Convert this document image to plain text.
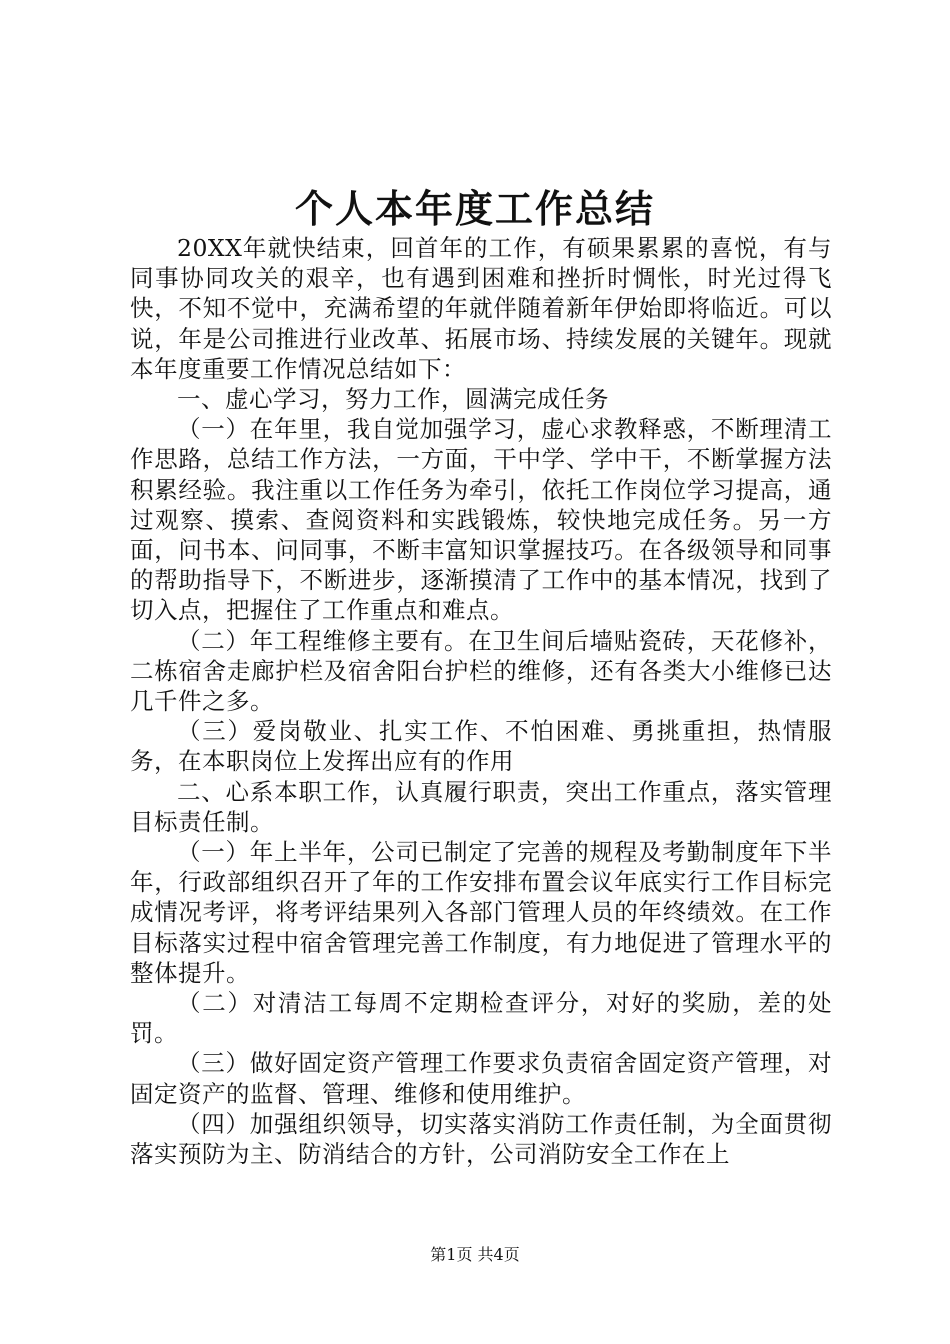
个人本年度工作总结

20XX年就快结束，回首年的工作，有硕果累累的喜悦，有与同事协同攻关的艰辛，也有遇到困难和挫折时惆怅，时光过得飞快，不知不觉中，充满希望的年就伴随着新年伊始即将临近。可以说，年是公司推进行业改革、拓展市场、持续发展的关键年。现就本年度重要工作情况总结如下：

一、虚心学习，努力工作，圆满完成任务

（一）在年里，我自觉加强学习，虚心求教释惑，不断理清工作思路，总结工作方法，一方面，干中学、学中干，不断掌握方法积累经验。我注重以工作任务为牵引，依托工作岗位学习提高，通过观察、摸索、查阅资料和实践锻炼，较快地完成任务。另一方面，问书本、问同事，不断丰富知识掌握技巧。在各级领导和同事的帮助指导下，不断进步，逐渐摸清了工作中的基本情况，找到了切入点，把握住了工作重点和难点。

（二）年工程维修主要有。在卫生间后墙贴瓷砖，天花修补，二栋宿舍走廊护栏及宿舍阳台护栏的维修，还有各类大小维修已达几千件之多。

（三）爱岗敬业、扎实工作、不怕困难、勇挑重担，热情服务，在本职岗位上发挥出应有的作用

二、心系本职工作，认真履行职责，突出工作重点，落实管理目标责任制。

（一）年上半年，公司已制定了完善的规程及考勤制度年下半年，行政部组织召开了年的工作安排布置会议年底实行工作目标完成情况考评，将考评结果列入各部门管理人员的年终绩效。在工作目标落实过程中宿舍管理完善工作制度，有力地促进了管理水平的整体提升。

（二）对清洁工每周不定期检查评分，对好的奖励，差的处罚。

（三）做好固定资产管理工作要求负责宿舍固定资产管理，对固定资产的监督、管理、维修和使用维护。

（四）加强组织领导，切实落实消防工作责任制，为全面贯彻落实预防为主、防消结合的方针，公司消防安全工作在上

第1页 共4页
